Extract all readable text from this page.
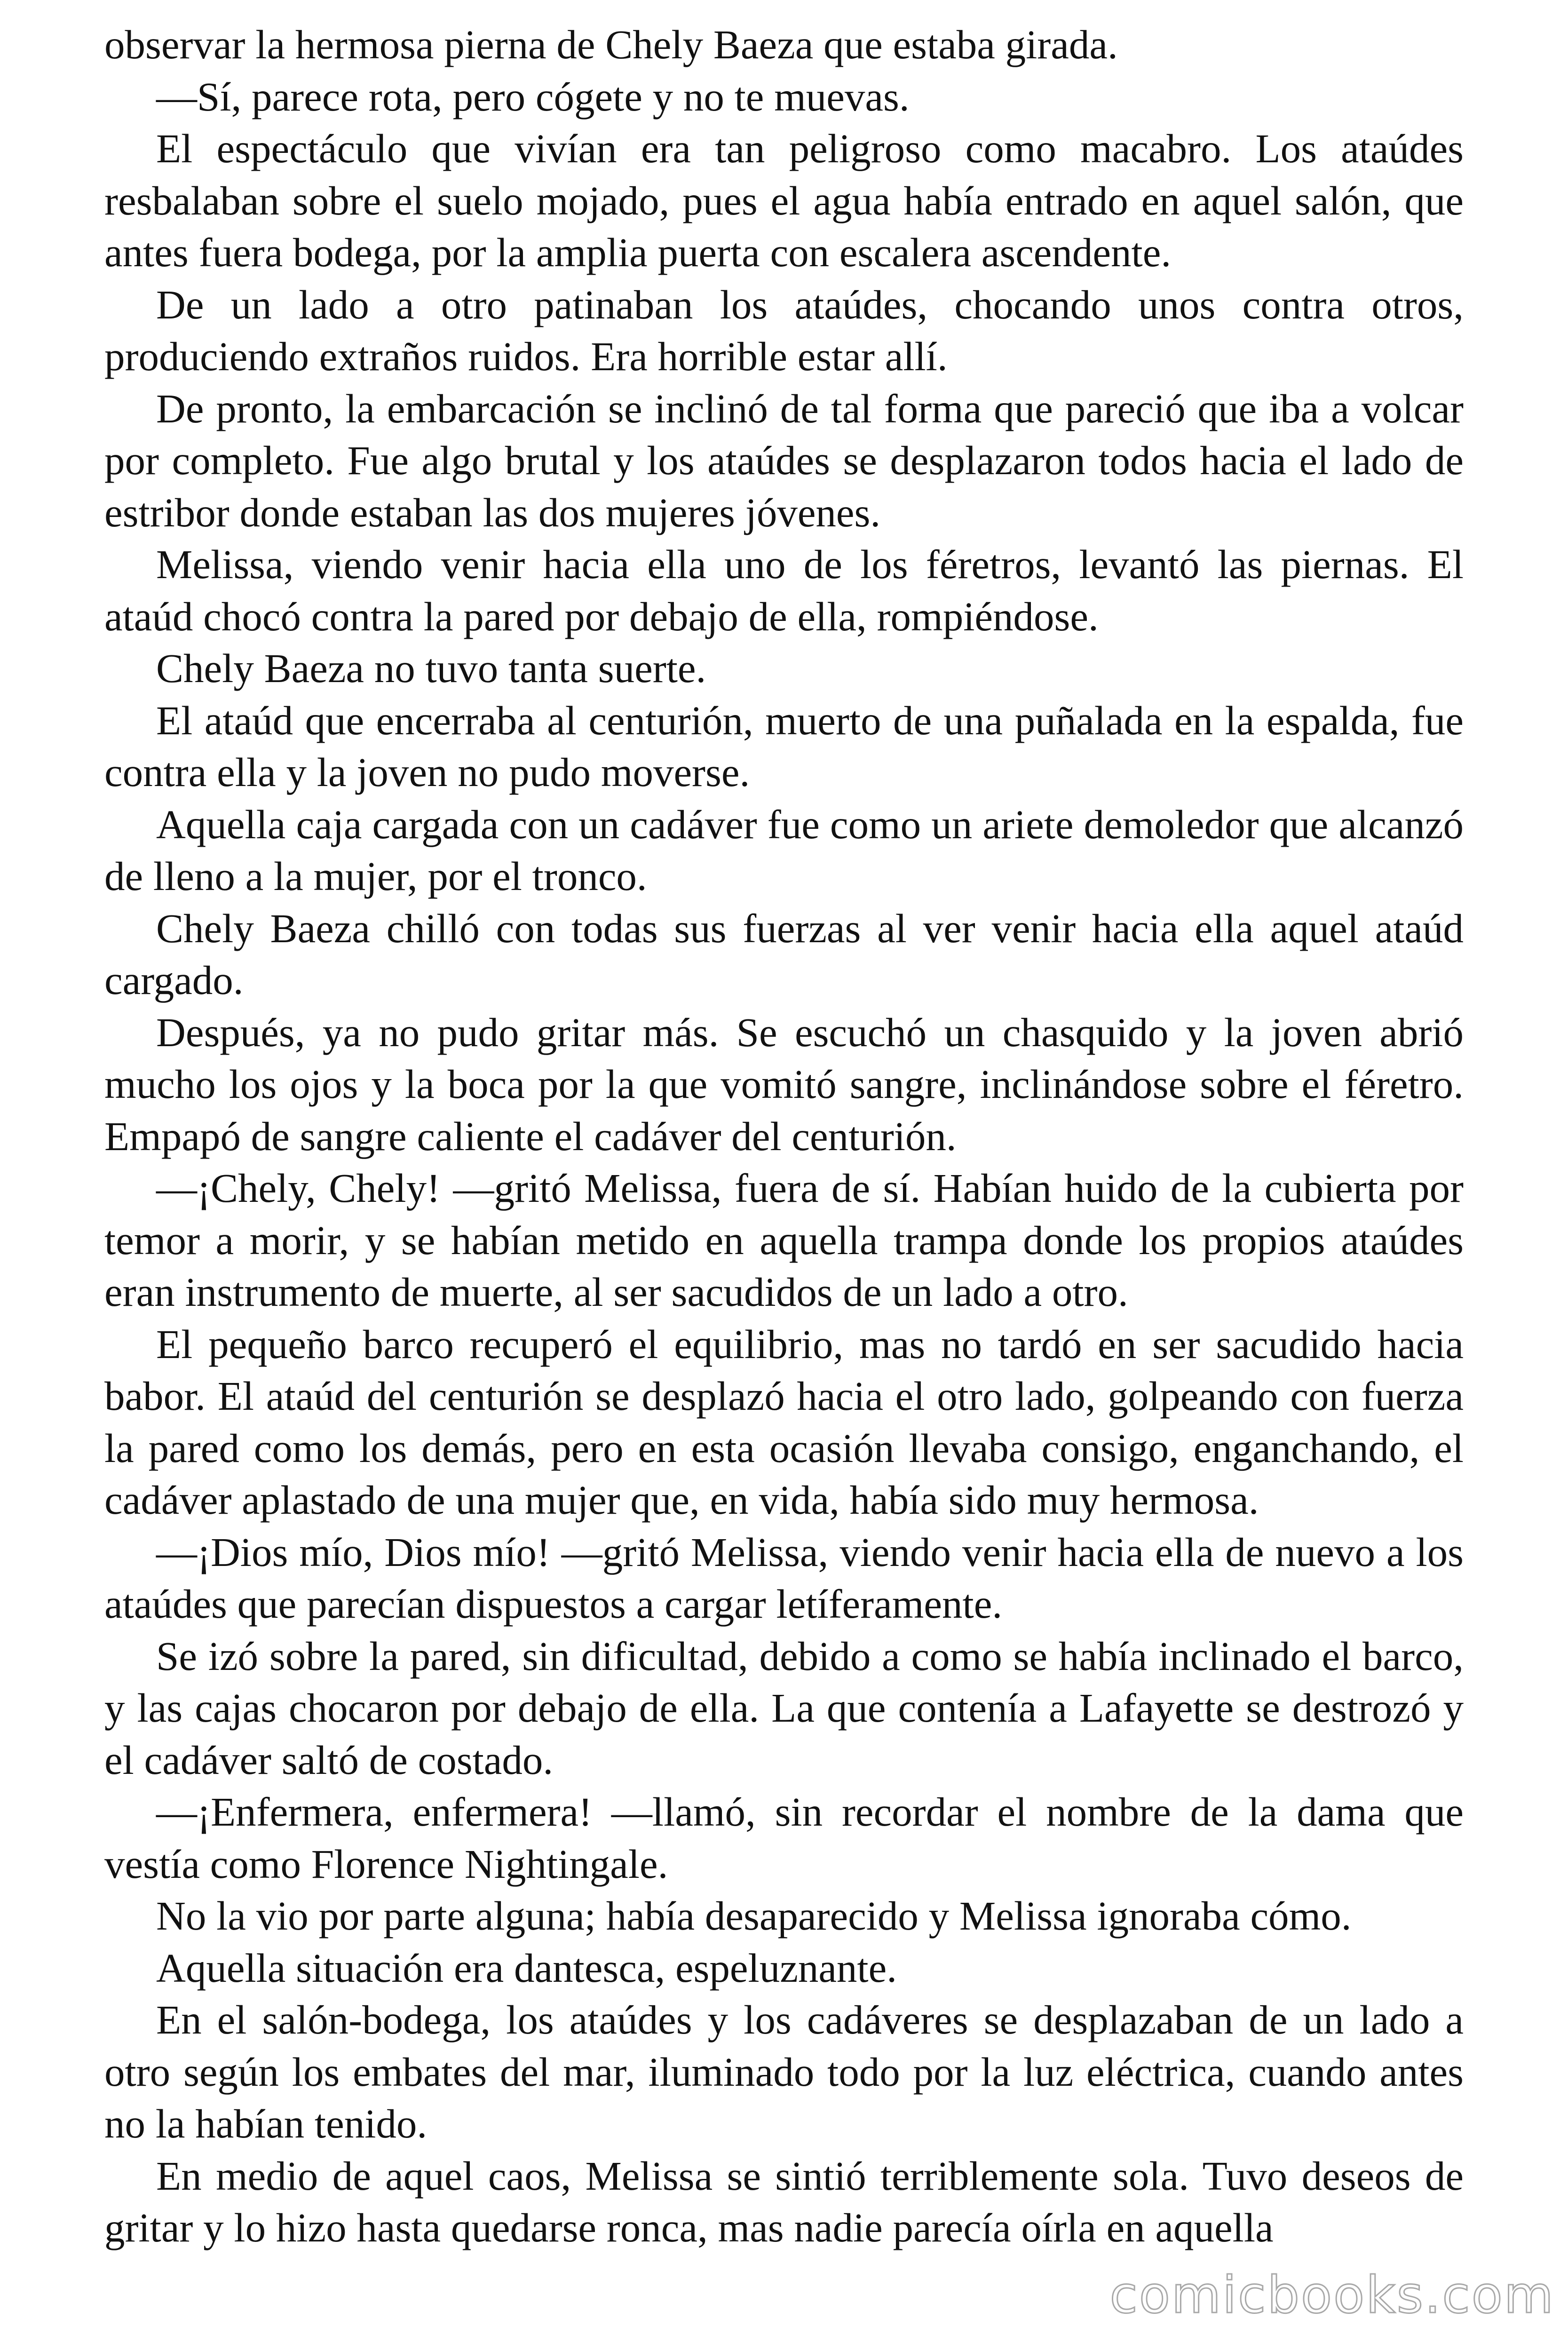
observar la hermosa pierna de Chely Baeza que estaba girada.

—Sí, parece rota, pero cógete y no te muevas.

El espectáculo que vivían era tan peligroso como macabro. Los ataúdes resbalaban sobre el suelo mojado, pues el agua había entrado en aquel salón, que antes fuera bodega, por la amplia puerta con escalera ascendente.

De un lado a otro patinaban los ataúdes, chocando unos contra otros, produciendo extraños ruidos. Era horrible estar allí.

De pronto, la embarcación se inclinó de tal forma que pareció que iba a volcar por completo. Fue algo brutal y los ataúdes se desplazaron todos hacia el lado de estribor donde estaban las dos mujeres jóvenes.

Melissa, viendo venir hacia ella uno de los féretros, levantó las piernas. El ataúd chocó contra la pared por debajo de ella, rompiéndose.

Chely Baeza no tuvo tanta suerte.

El ataúd que encerraba al centurión, muerto de una puñalada en la espalda, fue contra ella y la joven no pudo moverse.

Aquella caja cargada con un cadáver fue como un ariete demoledor que alcanzó de lleno a la mujer, por el tronco.

Chely Baeza chilló con todas sus fuerzas al ver venir hacia ella aquel ataúd cargado.

Después, ya no pudo gritar más. Se escuchó un chasquido y la joven abrió mucho los ojos y la boca por la que vomitó sangre, inclinándose sobre el féretro. Empapó de sangre caliente el cadáver del centurión.

—¡Chely, Chely! —gritó Melissa, fuera de sí. Habían huido de la cubierta por temor a morir, y se habían metido en aquella trampa donde los propios ataúdes eran instrumento de muerte, al ser sacudidos de un lado a otro.

El pequeño barco recuperó el equilibrio, mas no tardó en ser sacudido hacia babor. El ataúd del centurión se desplazó hacia el otro lado, golpeando con fuerza la pared como los demás, pero en esta ocasión llevaba consigo, enganchando, el cadáver aplastado de una mujer que, en vida, había sido muy hermosa.

—¡Dios mío, Dios mío! —gritó Melissa, viendo venir hacia ella de nuevo a los ataúdes que parecían dispuestos a cargar letíferamente.

Se izó sobre la pared, sin dificultad, debido a como se había inclinado el barco, y las cajas chocaron por debajo de ella. La que contenía a Lafayette se destrozó y el cadáver saltó de costado.

—¡Enfermera, enfermera! —llamó, sin recordar el nombre de la dama que vestía como Florence Nightingale.

No la vio por parte alguna; había desaparecido y Melissa ignoraba cómo.

Aquella situación era dantesca, espeluznante.

En el salón-bodega, los ataúdes y los cadáveres se desplazaban de un lado a otro según los embates del mar, iluminado todo por la luz eléctrica, cuando antes no la habían tenido.

En medio de aquel caos, Melissa se sintió terriblemente sola. Tuvo deseos de gritar y lo hizo hasta quedarse ronca, mas nadie parecía oírla en aquella

comicbooks.com
